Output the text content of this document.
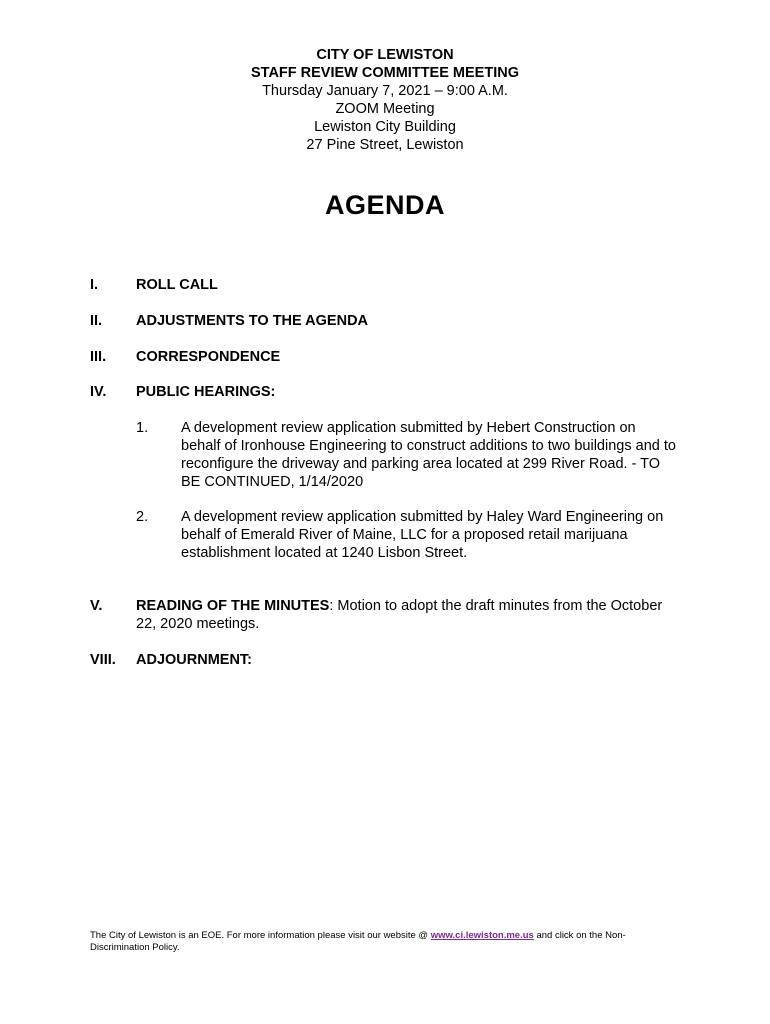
CITY OF LEWISTON
STAFF REVIEW COMMITTEE MEETING
Thursday January 7, 2021 – 9:00 A.M.
ZOOM Meeting
Lewiston City Building
27 Pine Street, Lewiston
AGENDA
I.	ROLL CALL
II. ADJUSTMENTS TO THE AGENDA
III. CORRESPONDENCE
IV. PUBLIC HEARINGS:
1. A development review application submitted by Hebert Construction on behalf of Ironhouse Engineering to construct additions to two buildings and to reconfigure the driveway and parking area located at 299 River Road. - TO BE CONTINUED, 1/14/2020
2. A development review application submitted by Haley Ward Engineering on behalf of Emerald River of Maine, LLC for a proposed retail marijuana establishment located at 1240 Lisbon Street.
V. READING OF THE MINUTES: Motion to adopt the draft minutes from the October 22, 2020 meetings.
VIII. ADJOURNMENT:
The City of Lewiston is an EOE. For more information please visit our website @ www.ci.lewiston.me.us and click on the Non-Discrimination Policy.
